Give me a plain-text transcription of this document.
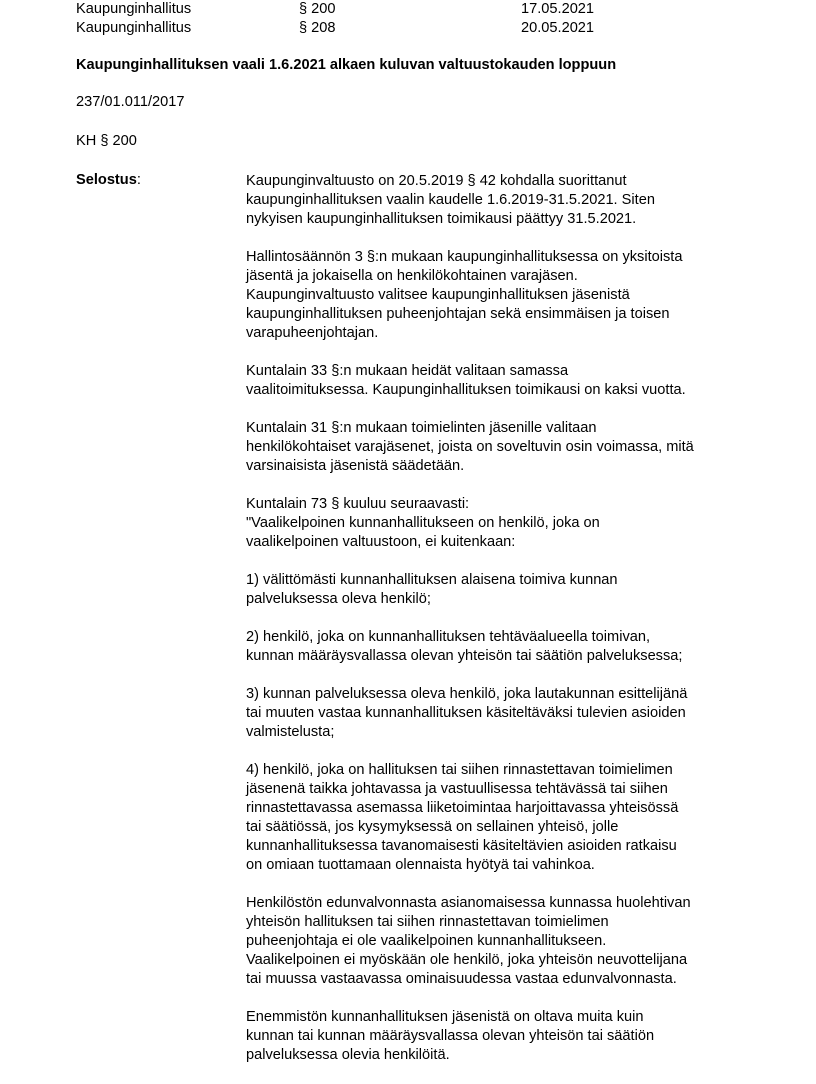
Kaupunginhallitus	§ 200	17.05.2021
Kaupunginhallitus	§ 208	20.05.2021
Kaupunginhallituksen vaali 1.6.2021 alkaen kuluvan valtuustokauden loppuun
237/01.011/2017
KH § 200
Selostus:	Kaupunginvaltuusto on 20.5.2019 § 42 kohdalla suorittanut
kaupunginhallituksen vaalin kaudelle 1.6.2019-31.5.2021. Siten
nykyisen kaupunginhallituksen toimikausi päättyy 31.5.2021.
Hallintosäännön 3 §:n mukaan kaupunginhallituksessa on yksitoista
jäsentä ja jokaisella on henkilökohtainen varajäsen.
Kaupunginvaltuusto valitsee kaupunginhallituksen jäsenistä
kaupunginhallituksen puheenjohtajan sekä ensimmäisen ja toisen
varapuheenjohtajan.
Kuntalain 33 §:n mukaan heidät valitaan samassa
vaalitoimituksessa. Kaupunginhallituksen toimikausi on kaksi vuotta.
Kuntalain 31 §:n mukaan toimielinten jäsenille valitaan
henkilökohtaiset varajäsenet, joista on soveltuvin osin voimassa, mitä
varsinaisista jäsenistä säädetään.
Kuntalain 73 § kuuluu seuraavasti:
"Vaalikelpoinen kunnanhallitukseen on henkilö, joka on
vaalikelpoinen valtuustoon, ei kuitenkaan:
1) välittömästi kunnanhallituksen alaisena toimiva kunnan
palveluksessa oleva henkilö;
2) henkilö, joka on kunnanhallituksen tehtäväalueella toimivan,
kunnan määräysvallassa olevan yhteisön tai säätiön palveluksessa;
3) kunnan palveluksessa oleva henkilö, joka lautakunnan esittelijänä
tai muuten vastaa kunnanhallituksen käsiteltäväksi tulevien asioiden
valmistelusta;
4) henkilö, joka on hallituksen tai siihen rinnastettavan toimielimen
jäsenenä taikka johtavassa ja vastuullisessa tehtävässä tai siihen
rinnastettavassa asemassa liiketoimintaa harjoittavassa yhteisössä
tai säätiössä, jos kysymyksessä on sellainen yhteisö, jolle
kunnanhallituksessa tavanomaisesti käsiteltävien asioiden ratkaisu
on omiaan tuottamaan olennaista hyötyä tai vahinkoa.
Henkilöstön edunvalvonnasta asianomaisessa kunnassa huolehtivan
yhteisön hallituksen tai siihen rinnastettavan toimielimen
puheenjohtaja ei ole vaalikelpoinen kunnanhallitukseen.
Vaalikelpoinen ei myöskään ole henkilö, joka yhteisön neuvottelijana
tai muussa vastaavassa ominaisuudessa vastaa edunvalvonnasta.
Enemmistön kunnanhallituksen jäsenistä on oltava muita kuin
kunnan tai kunnan määräysvallassa olevan yhteisön tai säätiön
palveluksessa olevia henkilöitä.
